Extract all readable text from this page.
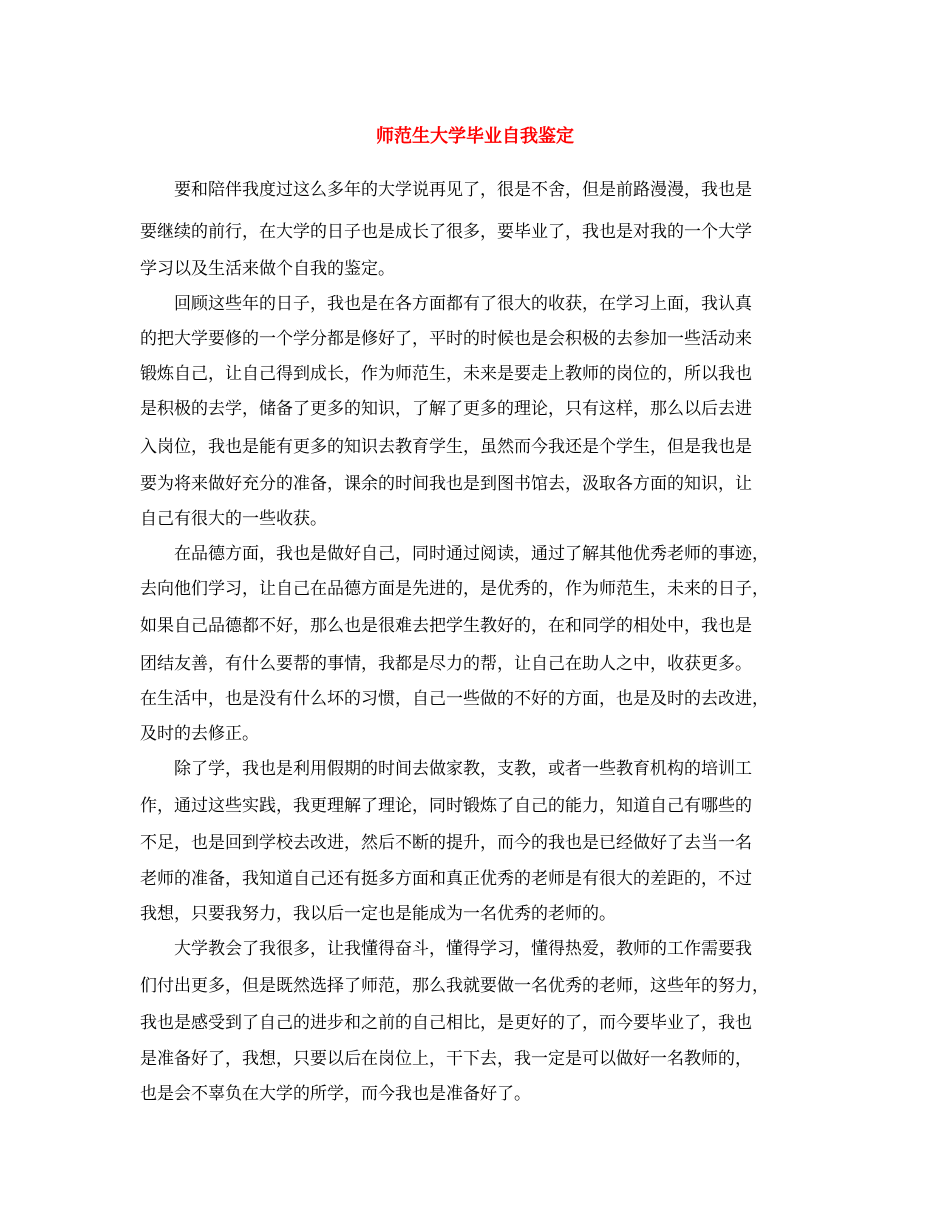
师范生大学毕业自我鉴定
　　要和陪伴我度过这么多年的大学说再见了，很是不舍，但是前路漫漫，我也是
要继续的前行，在大学的日子也是成长了很多，要毕业了，我也是对我的一个大学
学习以及生活来做个自我的鉴定。
　　回顾这些年的日子，我也是在各方面都有了很大的收获，在学习上面，我认真
的把大学要修的一个学分都是修好了，平时的时候也是会积极的去参加一些活动来
锻炼自己，让自己得到成长，作为师范生，未来是要走上教师的岗位的，所以我也
是积极的去学，储备了更多的知识，了解了更多的理论，只有这样，那么以后去进
入岗位，我也是能有更多的知识去教育学生，虽然而今我还是个学生，但是我也是
要为将来做好充分的准备，课余的时间我也是到图书馆去，汲取各方面的知识，让
自己有很大的一些收获。
　　在品德方面，我也是做好自己，同时通过阅读，通过了解其他优秀老师的事迹，
去向他们学习，让自己在品德方面是先进的，是优秀的，作为师范生，未来的日子，
如果自己品德都不好，那么也是很难去把学生教好的，在和同学的相处中，我也是
团结友善，有什么要帮的事情，我都是尽力的帮，让自己在助人之中，收获更多。
在生活中，也是没有什么坏的习惯，自己一些做的不好的方面，也是及时的去改进，
及时的去修正。
　　除了学，我也是利用假期的时间去做家教，支教，或者一些教育机构的培训工
作，通过这些实践，我更理解了理论，同时锻炼了自己的能力，知道自己有哪些的
不足，也是回到学校去改进，然后不断的提升，而今的我也是已经做好了去当一名
老师的准备，我知道自己还有挺多方面和真正优秀的老师是有很大的差距的，不过
我想，只要我努力，我以后一定也是能成为一名优秀的老师的。
　　大学教会了我很多，让我懂得奋斗，懂得学习，懂得热爱，教师的工作需要我
们付出更多，但是既然选择了师范，那么我就要做一名优秀的老师，这些年的努力，
我也是感受到了自己的进步和之前的自己相比，是更好的了，而今要毕业了，我也
是准备好了，我想，只要以后在岗位上，干下去，我一定是可以做好一名教师的，
也是会不辜负在大学的所学，而今我也是准备好了。
